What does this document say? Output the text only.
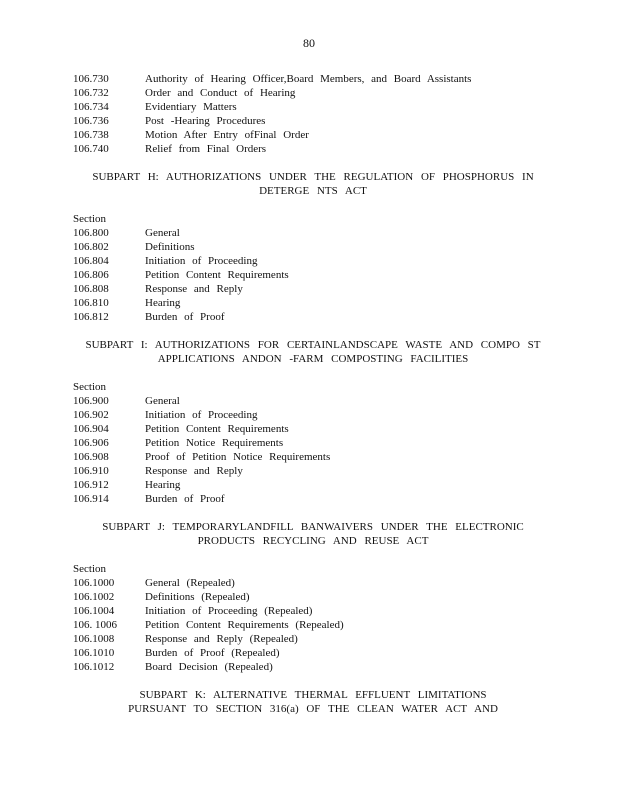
80
106.730	Authority of Hearing Officer,Board Members, and Board Assistants
106.732	Order and Conduct of Hearing
106.734	Evidentiary Matters
106.736	Post -Hearing Procedures
106.738	Motion After Entry ofFinal Order
106.740	Relief from Final Orders
SUBPART H: AUTHORIZATIONS UNDER THE REGULATION OF PHOSPHORUS IN
DETERGE NTS ACT
Section
106.800	General
106.802	Definitions
106.804	Initiation of Proceeding
106.806	Petition Content Requirements
106.808	Response and Reply
106.810	Hearing
106.812	Burden of Proof
SUBPART I: AUTHORIZATIONS FOR CERTAINLANDSCAPE WASTE AND COMPO ST
APPLICATIONS ANDON -FARM COMPOSTING FACILITIES
Section
106.900	General
106.902	Initiation of Proceeding
106.904	Petition Content Requirements
106.906	Petition Notice Requirements
106.908	Proof of Petition Notice Requirements
106.910	Response and Reply
106.912	Hearing
106.914	Burden of Proof
SUBPART J: TEMPORARYLANDFILL BANWAIVERS UNDER THE ELECTRONIC
PRODUCTS RECYCLING AND REUSE ACT
Section
106.1000	General (Repealed)
106.1002	Definitions (Repealed)
106.1004	Initiation of Proceeding (Repealed)
106. 1006	Petition Content Requirements (Repealed)
106.1008	Response and Reply (Repealed)
106.1010	Burden of Proof (Repealed)
106.1012	Board Decision (Repealed)
SUBPART K: ALTERNATIVE THERMAL EFFLUENT LIMITATIONS
PURSUANT TO SECTION 316(a) OF THE CLEAN WATER ACT AND
